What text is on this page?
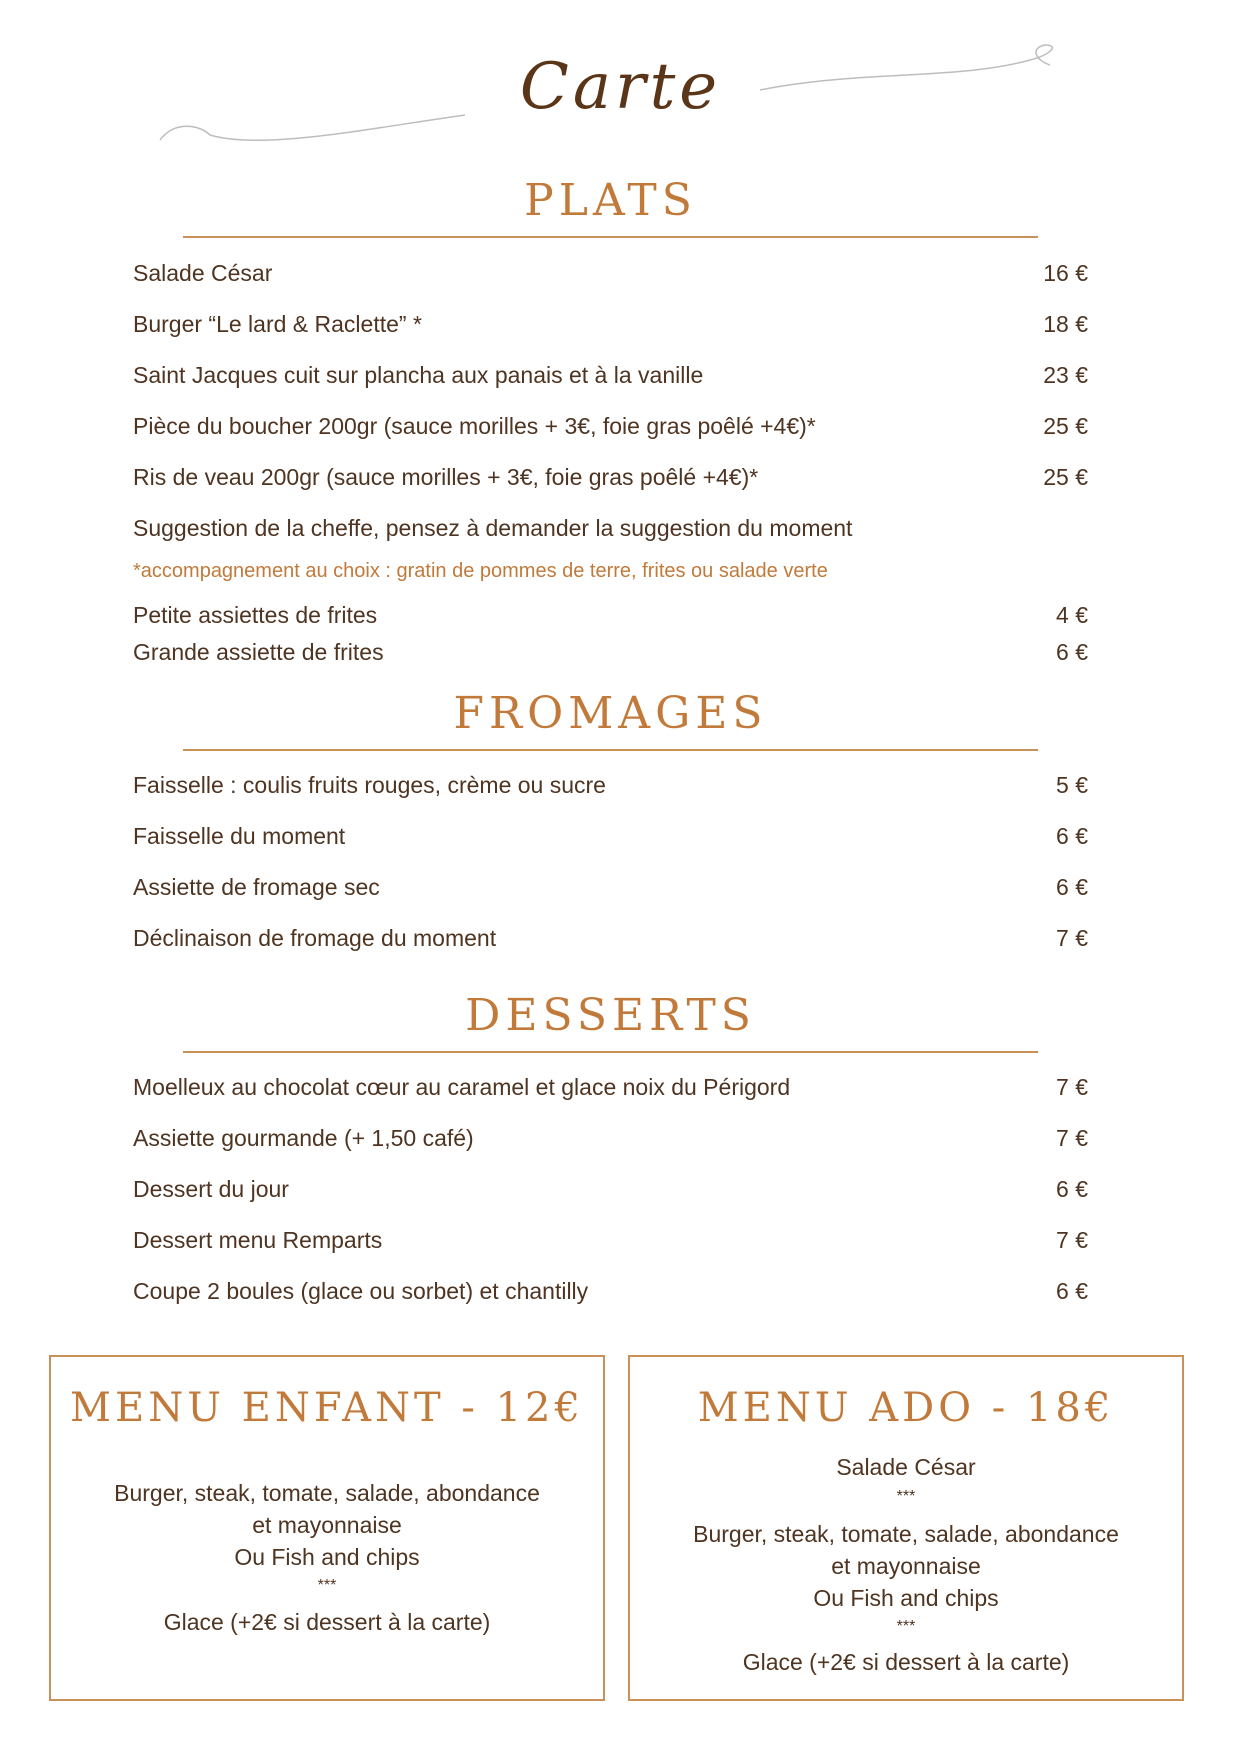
Carte
PLATS
Salade César	16 €
Burger “Le lard & Raclette” *	18 €
Saint Jacques cuit sur plancha aux panais et à la vanille	23 €
Pièce du boucher 200gr (sauce morilles + 3€, foie gras poêlé +4€)*	25 €
Ris de veau 200gr (sauce morilles + 3€, foie gras poêlé +4€)*	25 €
Suggestion de la cheffe, pensez à demander la suggestion du moment
*accompagnement au choix : gratin de pommes de terre, frites ou salade verte
Petite assiettes de frites	4 €
Grande assiette de frites	6 €
FROMAGES
Faisselle : coulis fruits rouges, crème ou sucre	5 €
Faisselle du moment	6 €
Assiette de fromage sec	6 €
Déclinaison de fromage du moment	7 €
DESSERTS
Moelleux au chocolat cœur au caramel et glace noix du Périgord	7 €
Assiette gourmande (+ 1,50 café)	7 €
Dessert du jour	6 €
Dessert menu Remparts	7 €
Coupe 2 boules (glace ou sorbet) et chantilly	6 €
MENU ENFANT - 12€
Burger, steak, tomate, salade, abondance
et mayonnaise
Ou Fish and chips
***
Glace (+2€ si dessert à la carte)
MENU ADO - 18€
Salade César
***
Burger, steak, tomate, salade, abondance
et mayonnaise
Ou Fish and chips
***
Glace (+2€ si dessert à la carte)
